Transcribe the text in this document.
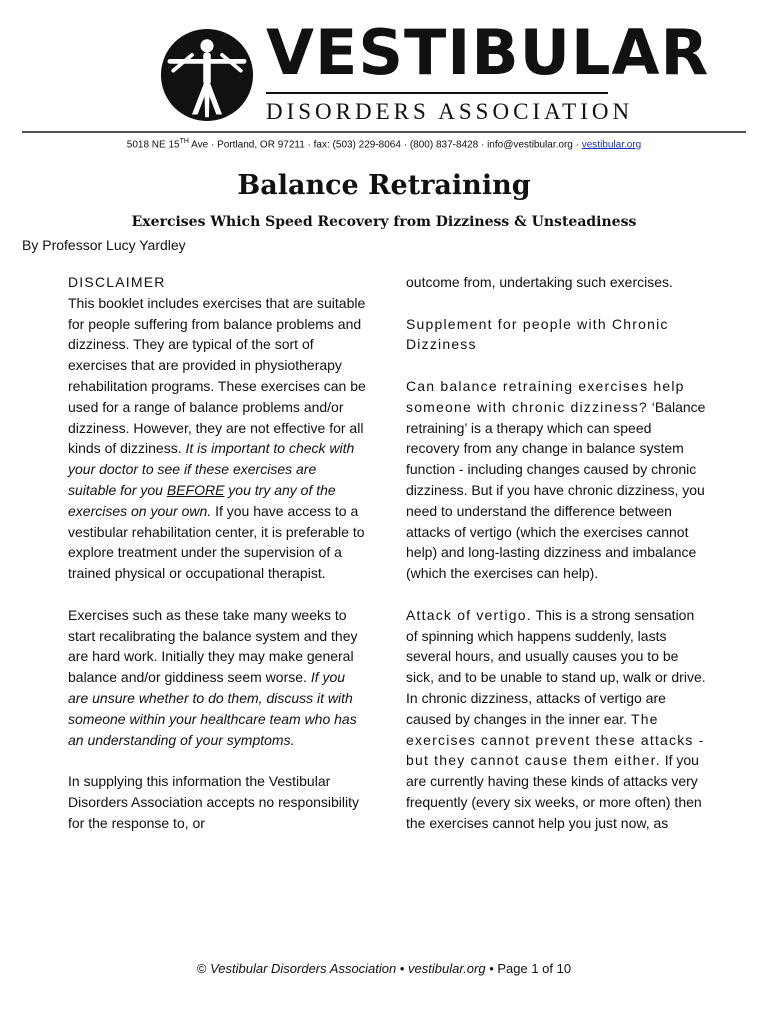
VESTIBULAR
DISORDERS ASSOCIATION
5018 NE 15TH Ave · Portland, OR 97211 · fax: (503) 229-8064 · (800) 837-8428 · info@vestibular.org · vestibular.org
Balance Retraining
Exercises Which Speed Recovery from Dizziness & Unsteadiness
By Professor Lucy Yardley
DISCLAIMER

This booklet includes exercises that are suitable for people suffering from balance problems and dizziness. They are typical of the sort of exercises that are provided in physiotherapy rehabilitation programs. These exercises can be used for a range of balance problems and/or dizziness. However, they are not effective for all kinds of dizziness. It is important to check with your doctor to see if these exercises are suitable for you BEFORE you try any of the exercises on your own. If you have access to a vestibular rehabilitation center, it is preferable to explore treatment under the supervision of a trained physical or occupational therapist.

Exercises such as these take many weeks to start recalibrating the balance system and they are hard work. Initially they may make general balance and/or giddiness seem worse. If you are unsure whether to do them, discuss it with someone within your healthcare team who has an understanding of your symptoms.

In supplying this information the Vestibular Disorders Association accepts no responsibility for the response to, or

outcome from, undertaking such exercises.

Supplement for people with Chronic Dizziness

Can balance retraining exercises help someone with chronic dizziness? ‘Balance retraining’ is a therapy which can speed recovery from any change in balance system function - including changes caused by chronic dizziness. But if you have chronic dizziness, you need to understand the difference between attacks of vertigo (which the exercises cannot help) and long-lasting dizziness and imbalance (which the exercises can help).

Attack of vertigo. This is a strong sensation of spinning which happens suddenly, lasts several hours, and usually causes you to be sick, and to be unable to stand up, walk or drive. In chronic dizziness, attacks of vertigo are caused by changes in the inner ear. The exercises cannot prevent these attacks - but they cannot cause them either. If you are currently having these kinds of attacks very frequently (every six weeks, or more often) then the exercises cannot help you just now, as

© Vestibular Disorders Association • vestibular.org • Page 1 of 10
